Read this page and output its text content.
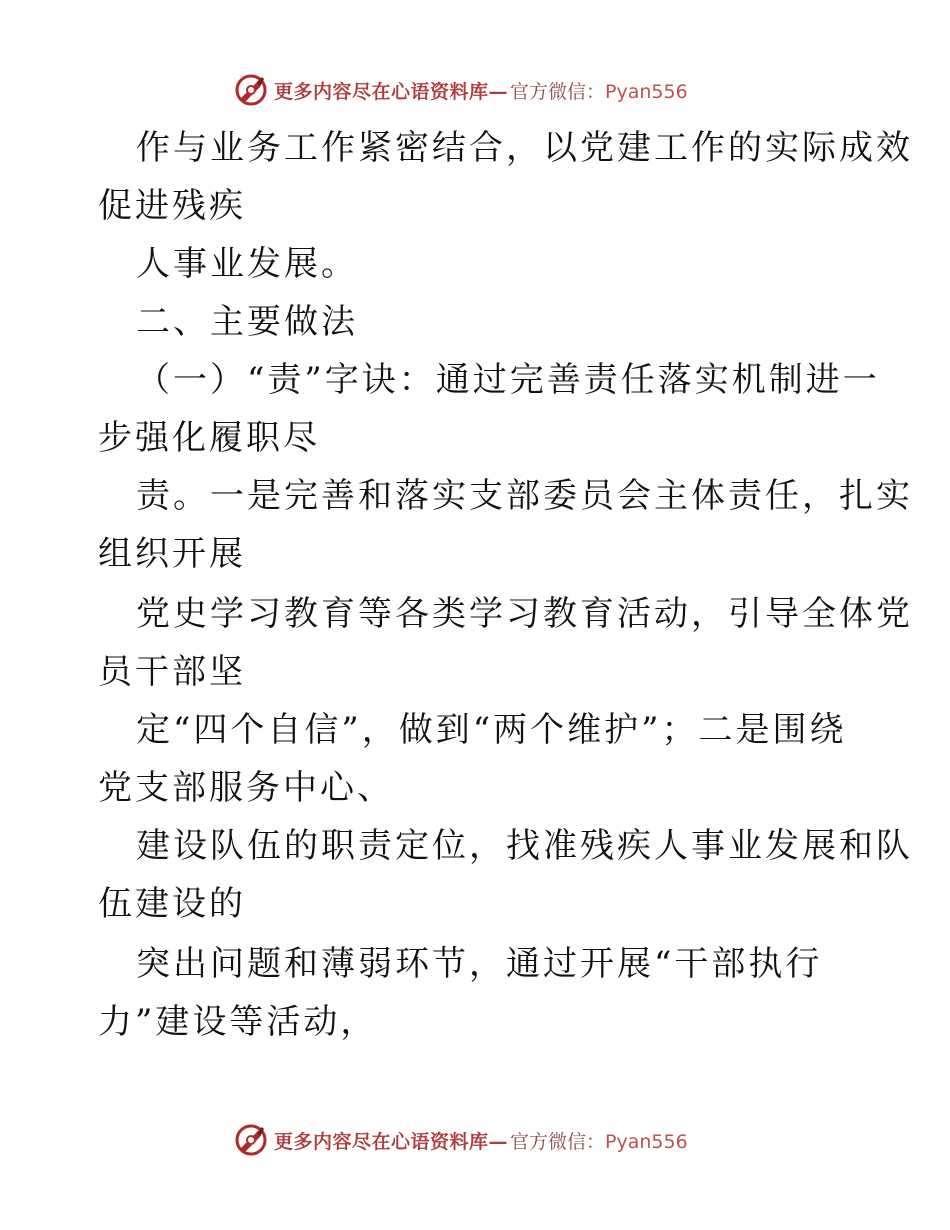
更多内容尽在心语资料库— 官方微信：Pyan556
作与业务工作紧密结合，以党建工作的实际成效
促进残疾
人事业发展。
二、主要做法
（一）“责”字诀：通过完善责任落实机制进一
步强化履职尽
责。一是完善和落实支部委员会主体责任，扎实
组织开展
党史学习教育等各类学习教育活动，引导全体党
员干部坚
定“四个自信”，做到“两个维护”；二是围绕
党支部服务中心、
建设队伍的职责定位，找准残疾人事业发展和队
伍建设的
突出问题和薄弱环节，通过开展“干部执行
力”建设等活动，
更多内容尽在心语资料库— 官方微信：Pyan556
